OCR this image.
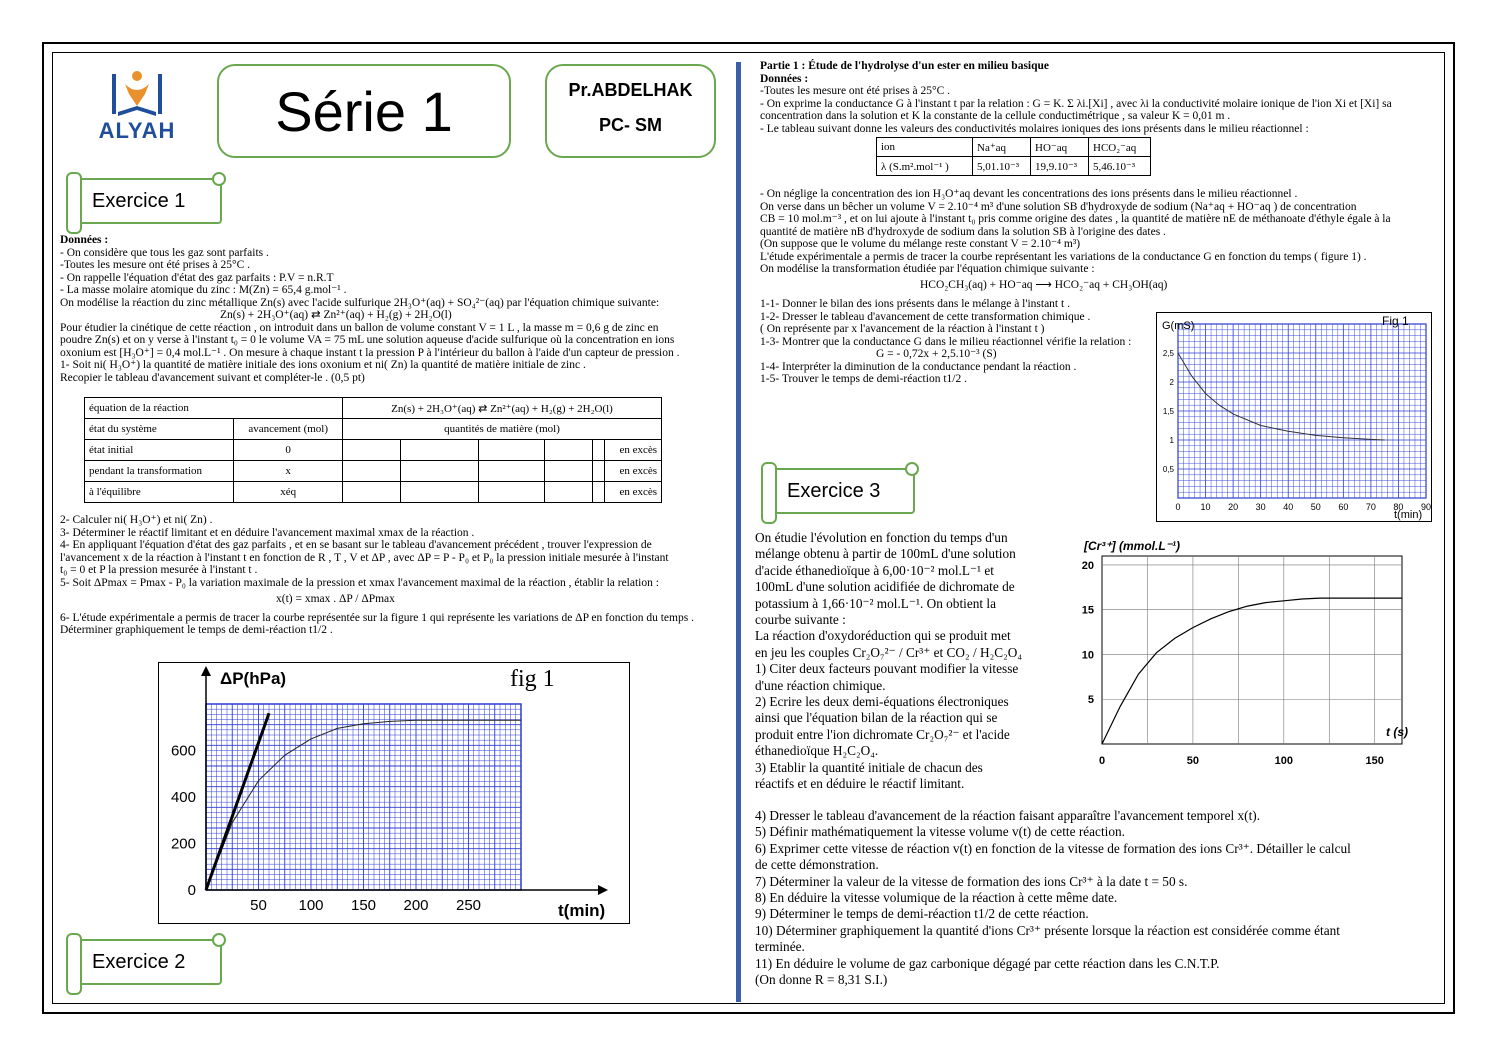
ALYAH	Série 1	Pr.ABDELHAK
PC- SM
Exercice 1
Exercice 2
Exercice 3
Données :
- On considère que tous les gaz sont parfaits .
-Toutes les mesure ont été prises à 25°C .
- On rappelle l'équation d'état des gaz parfaits : P.V = n.R.T
- La masse molaire atomique du zinc : M(Zn) = 65,4 g.mol⁻¹ .
On modélise la réaction du zinc métallique Zn(s) avec l'acide sulfurique 2H₃O⁺(aq) + SO₄²⁻(aq) par l'équation chimique suivante:
Zn(s) + 2H₃O⁺(aq) ⇄ Zn²⁺(aq) + H₂(g) + 2H₂O(l)
Pour étudier la cinétique de cette réaction , on introduit dans un ballon de volume constant V = 1 L , la masse m = 0,6 g de zinc en
poudre Zn(s) et on y verse à l'instant t₀ = 0 le volume VA = 75 mL une solution aqueuse d'acide sulfurique où la concentration en ions
oxonium est [H₃O⁺] = 0,4 mol.L⁻¹ . On mesure à chaque instant t la pression P à l'intérieur du ballon à l'aide d'un capteur de pression .
1- Soit ni( H₃O⁺) la quantité de matière initiale des ions oxonium et ni( Zn) la quantité de matière initiale de zinc .
Recopier le tableau d'avancement suivant et compléter-le . (0,5 pt)
équation de la réaction		Zn(s) + 2H₃O⁺(aq) ⇄ Zn²⁺(aq) + H₂(g) + 2H₂O(l)					
état du système	avancement (mol)	quantités de matière (mol)					
état initial	0						en excès
pendant la transformation	x						en excès
à l'équilibre	xéq						en excès
2- Calculer ni( H₃O⁺) et ni( Zn) .
3- Déterminer le réactif limitant et en déduire l'avancement maximal xmax de la réaction .
4- En appliquant l'équation d'état des gaz parfaits , et en se basant sur le tableau d'avancement précédent , trouver l'expression de
l'avancement x de la réaction à l'instant t en fonction de R , T , V et ΔP , avec ΔP = P - P₀ et P₀ la pression initiale mesurée à l'instant
t₀ = 0 et P la pression mesurée à l'instant t .
5- Soit ΔPmax = Pmax - P₀ la variation maximale de la pression et xmax l'avancement maximal de la réaction , établir la relation :
x(t) = xmax . ΔP / ΔPmax
6- L'étude expérimentale a permis de tracer la courbe représentée sur la figure 1 qui représente les variations de ΔP en fonction du temps .
Déterminer graphiquement le temps de demi-réaction t1/2 .
50 100 150 200 250
0
200
400
600
fig 1
ΔP(hPa)
t(min)
Partie 1 : Étude de l'hydrolyse d'un ester en milieu basique
Données :
-Toutes les mesure ont été prises à 25°C .
- On exprime la conductance G à l'instant t par la relation : G = K. Σ λi.[Xi] , avec λi la conductivité molaire ionique de l'ion Xi et [Xi] sa
concentration dans la solution et K la constante de la cellule conductimétrique , sa valeur K = 0,01 m .
- Le tableau suivant donne les valeurs des conductivités molaires ioniques des ions présents dans le milieu réactionnel :
ion	Na⁺aq	HO⁻aq	HCO₂⁻aq
λ (S.m².mol⁻¹ )	5,01.10⁻³	19,9.10⁻³	5,46.10⁻³
- On néglige la concentration des ion H₃O⁺aq devant les concentrations des ions présents dans le milieu réactionnel .
On verse dans un bêcher un volume V = 2.10⁻⁴ m³ d'une solution SB d'hydroxyde de sodium (Na⁺aq + HO⁻aq ) de concentration
CB = 10 mol.m⁻³ , et on lui ajoute à l'instant t₀ pris comme origine des dates , la quantité de matière nE de méthanoate d'éthyle égale à la
quantité de matière nB d'hydroxyde de sodium dans la solution SB à l'origine des dates .
(On suppose que le volume du mélange reste constant V = 2.10⁻⁴ m³)
L'étude expérimentale a permis de tracer la courbe représentant les variations de la conductance G en fonction du temps ( figure 1) .
On modélise la transformation étudiée par l'équation chimique suivante :
HCO₂CH₃(aq) + HO⁻aq ⟶ HCO₂⁻aq + CH₃OH(aq)
1-1- Donner le bilan des ions présents dans le mélange à l'instant t .
1-2- Dresser le tableau d'avancement de cette transformation chimique .
( On représente par x l'avancement de la réaction à l'instant t )
1-3- Montrer que la conductance G dans le milieu réactionnel vérifie la relation :
G = - 0,72x + 2,5.10⁻³ (S)
1-4- Interpréter la diminution de la conductance pendant la réaction .
1-5- Trouver le temps de demi-réaction t1/2 .
0 10 20 30 40 50 60 70 80 90
0,5
1
1,5
2
2,5
G(mS)	Fig 1
t(min)
On étudie l'évolution en fonction du temps d'un
mélange obtenu à partir de 100mL d'une solution
d'acide éthanedioïque à 6,00·10⁻² mol.L⁻¹ et
100mL d'une solution acidifiée de dichromate de
potassium à 1,66·10⁻² mol.L⁻¹. On obtient la
courbe suivante :
La réaction d'oxydoréduction qui se produit met
en jeu les couples Cr₂O₇²⁻ / Cr³⁺ et CO₂ / H₂C₂O₄
1) Citer deux facteurs pouvant modifier la vitesse
d'une réaction chimique.
2) Ecrire les deux demi-équations électroniques
ainsi que l'équation bilan de la réaction qui se
produit entre l'ion dichromate Cr₂O₇²⁻ et l'acide
éthanedioïque H₂C₂O₄.
3) Etablir la quantité initiale de chacun des
réactifs et en déduire le réactif limitant.
4) Dresser le tableau d'avancement de la réaction faisant apparaître l'avancement temporel x(t).
5) Définir mathématiquement la vitesse volume v(t) de cette réaction.
6) Exprimer cette vitesse de réaction v(t) en fonction de la vitesse de formation des ions Cr³⁺. Détailler le calcul
de cette démonstration.
7) Déterminer la valeur de la vitesse de formation des ions Cr³⁺ à la date t = 50 s.
8) En déduire la vitesse volumique de la réaction à cette même date.
9) Déterminer le temps de demi-réaction t1/2 de cette réaction.
10) Déterminer graphiquement la quantité d'ions Cr³⁺ présente lorsque la réaction est considérée comme étant
terminée.
11) En déduire le volume de gaz carbonique dégagé par cette réaction dans les C.N.T.P.
(On donne R = 8,31 S.I.)
0	50	100	150
5
10
15
20
[Cr³⁺] (mmol.L⁻¹)
t (s)
